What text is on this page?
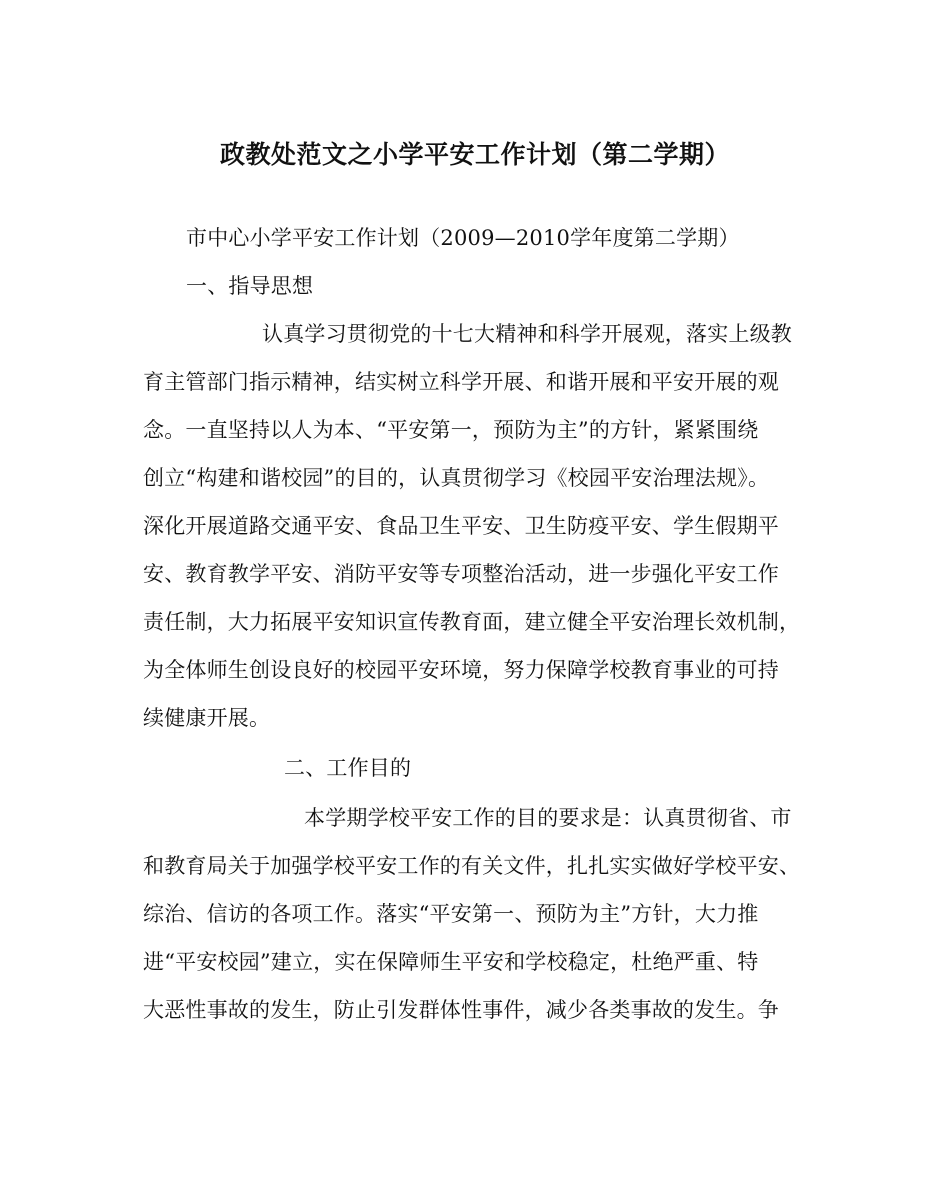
政教处范文之小学平安工作计划（第二学期）
市中心小学平安工作计划（2009—2010学年度第二学期）
一、指导思想
认真学习贯彻党的十七大精神和科学开展观，落实上级教
育主管部门指示精神，结实树立科学开展、和谐开展和平安开展的观
念。一直坚持以人为本、“平安第一，预防为主”的方针，紧紧围绕
创立“构建和谐校园”的目的，认真贯彻学习《校园平安治理法规》。
深化开展道路交通平安、食品卫生平安、卫生防疫平安、学生假期平
安、教育教学平安、消防平安等专项整治活动，进一步强化平安工作
责任制，大力拓展平安知识宣传教育面，建立健全平安治理长效机制，
为全体师生创设良好的校园平安环境，努力保障学校教育事业的可持
续健康开展。
二、工作目的
本学期学校平安工作的目的要求是：认真贯彻省、市
和教育局关于加强学校平安工作的有关文件，扎扎实实做好学校平安、
综治、信访的各项工作。落实“平安第一、预防为主”方针，大力推
进“平安校园”建立，实在保障师生平安和学校稳定，杜绝严重、特
大恶性事故的发生，防止引发群体性事件，减少各类事故的发生。争
